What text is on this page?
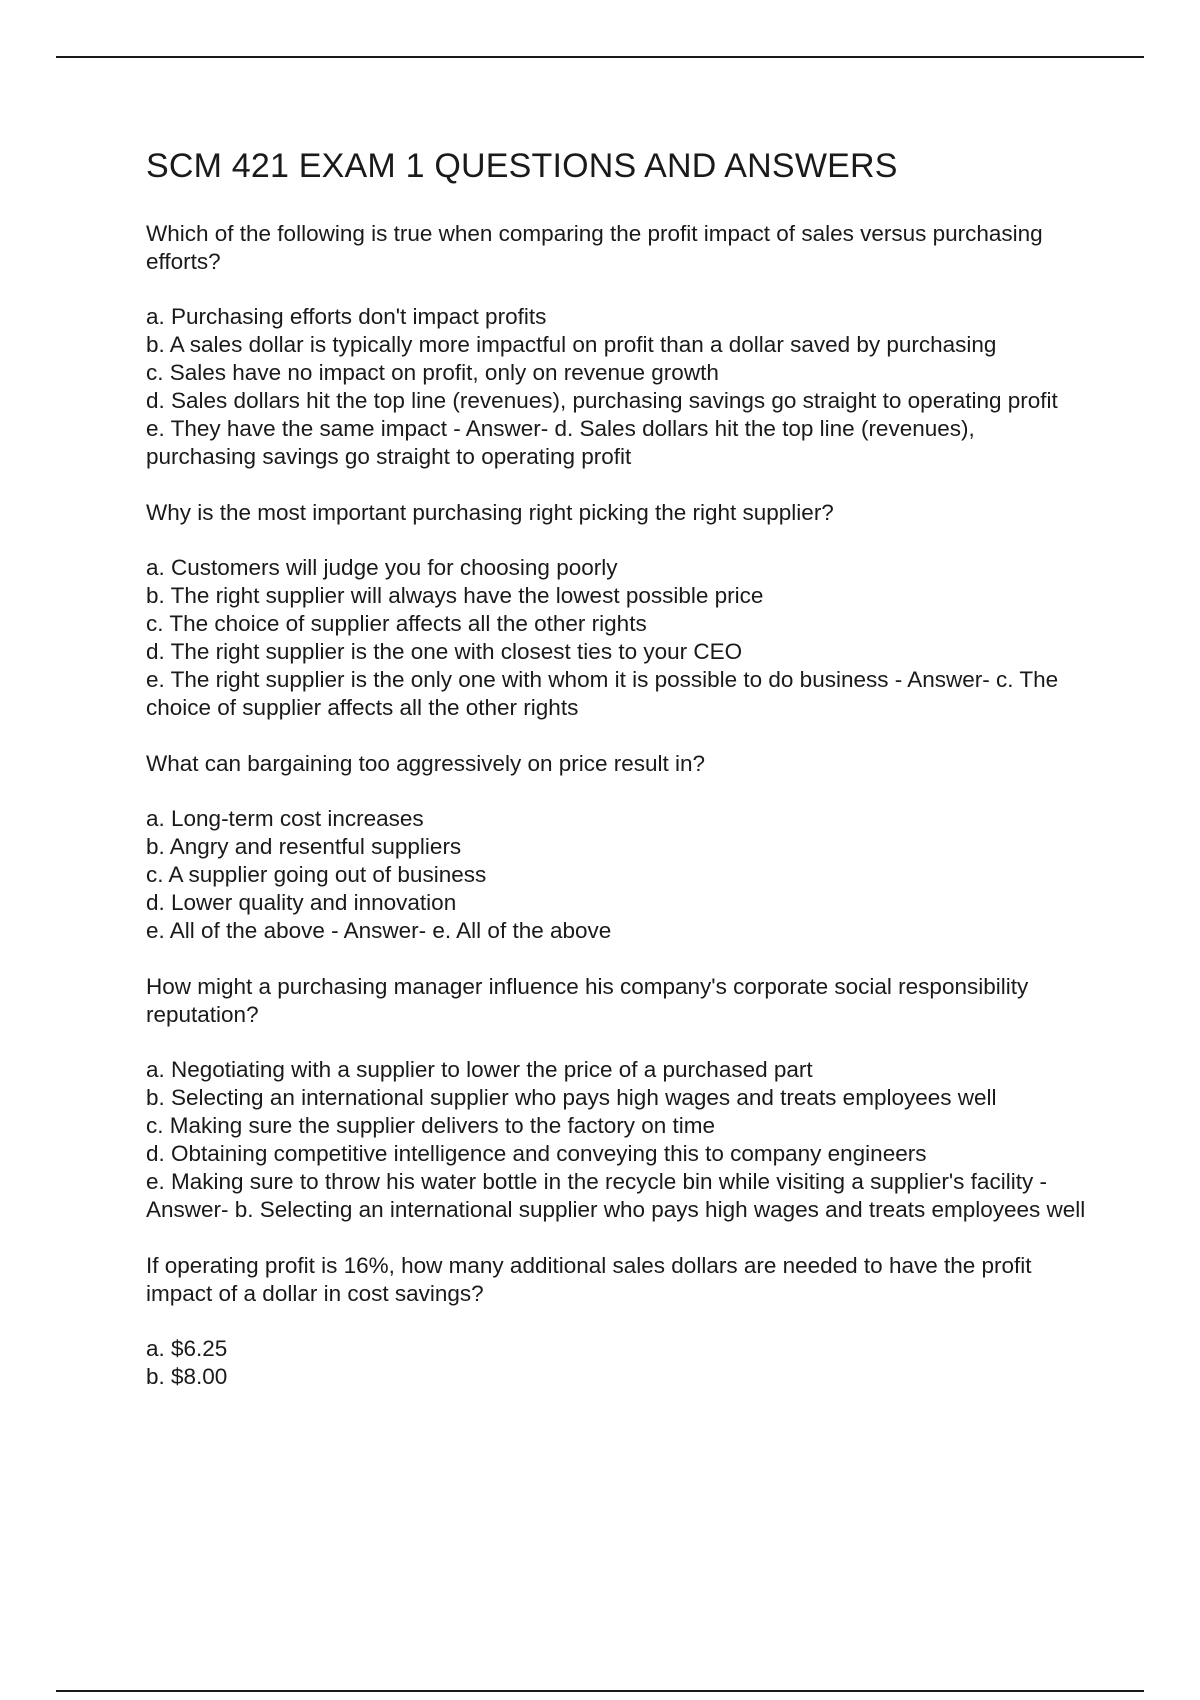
SCM 421 EXAM 1 QUESTIONS AND ANSWERS

Which of the following is true when comparing the profit impact of sales versus purchasing efforts?

a. Purchasing efforts don't impact profits
b. A sales dollar is typically more impactful on profit than a dollar saved by purchasing
c. Sales have no impact on profit, only on revenue growth
d. Sales dollars hit the top line (revenues), purchasing savings go straight to operating profit
e. They have the same impact - Answer- d. Sales dollars hit the top line (revenues), purchasing savings go straight to operating profit

Why is the most important purchasing right picking the right supplier?

a. Customers will judge you for choosing poorly
b. The right supplier will always have the lowest possible price
c. The choice of supplier affects all the other rights
d. The right supplier is the one with closest ties to your CEO
e. The right supplier is the only one with whom it is possible to do business - Answer- c. The choice of supplier affects all the other rights

What can bargaining too aggressively on price result in?

a. Long-term cost increases
b. Angry and resentful suppliers
c. A supplier going out of business
d. Lower quality and innovation
e. All of the above - Answer- e. All of the above

How might a purchasing manager influence his company's corporate social responsibility reputation?

a. Negotiating with a supplier to lower the price of a purchased part
b. Selecting an international supplier who pays high wages and treats employees well
c. Making sure the supplier delivers to the factory on time
d. Obtaining competitive intelligence and conveying this to company engineers
e. Making sure to throw his water bottle in the recycle bin while visiting a supplier's facility - Answer- b. Selecting an international supplier who pays high wages and treats employees well

If operating profit is 16%, how many additional sales dollars are needed to have the profit impact of a dollar in cost savings?

a. $6.25
b. $8.00
